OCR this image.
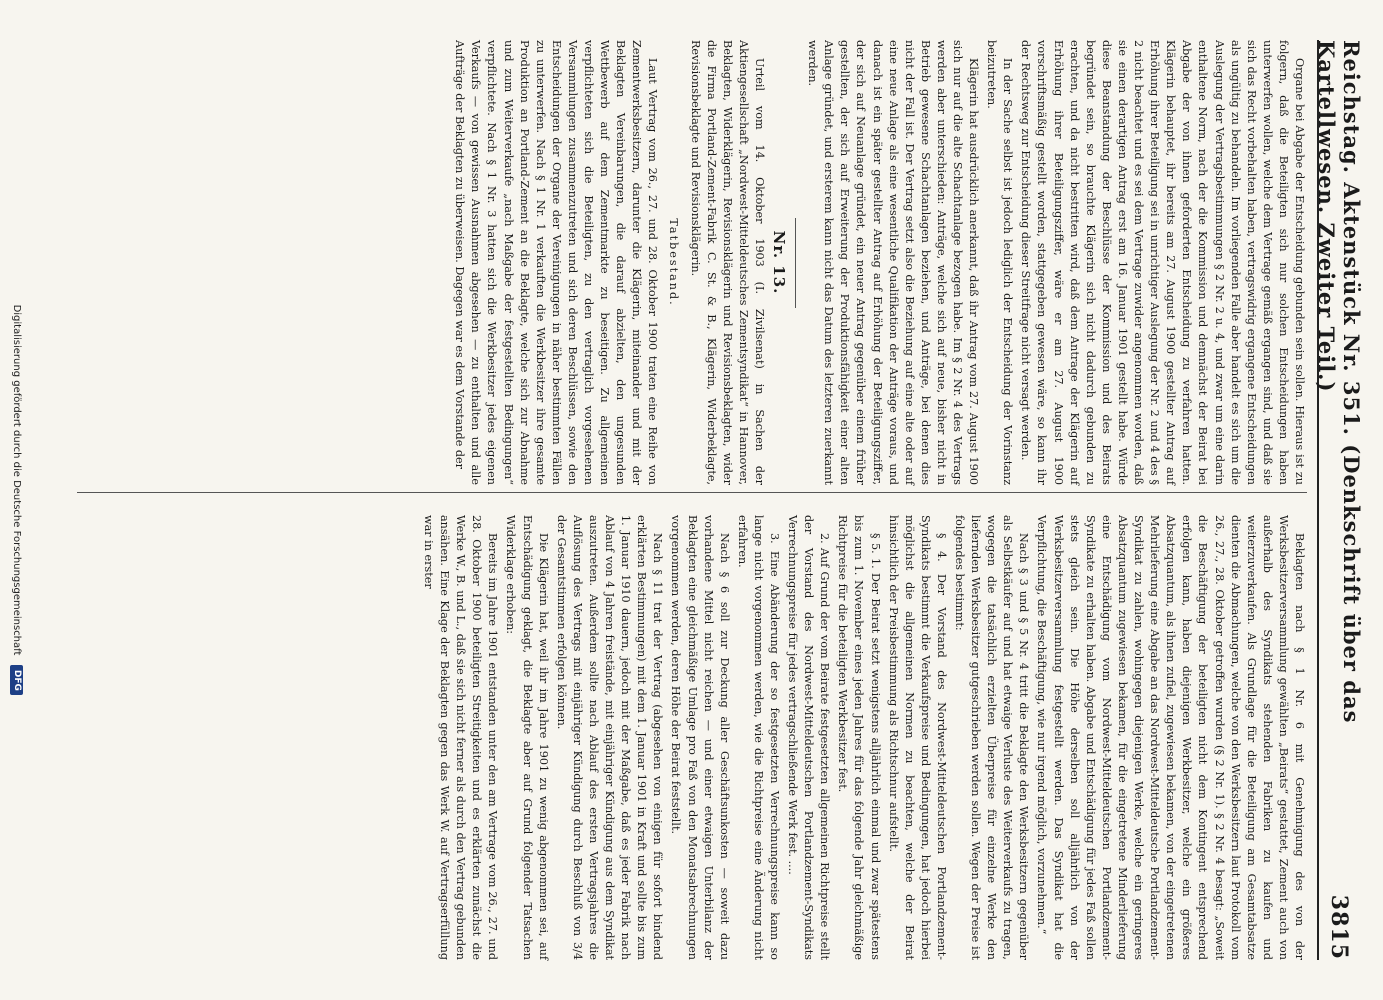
Reichstag. Aktenstück Nr. 351. (Denkschrift über das Kartellwesen. Zweiter Teil.)
3815

Organe bei Abgabe der Entscheidung gebunden sein sollen. Hieraus ist zu folgern, daß die Beteiligten sich nur solchen Entscheidungen haben unterwerfen wollen, welche dem Vertrage gemäß ergangen sind, und daß sie sich das Recht vorbehalten haben, vertragswidrig ergangene Entscheidungen als ungültig zu behandeln. Im vorliegenden Falle aber handelt es sich um die Auslegung der Vertragsbestimmungen § 2 Nr. 2 u. 4, und zwar um eine darin enthaltene Norm, nach der die Kommission und demnächst der Beirat bei Abgabe der von ihnen geforderten Entscheidung zu verfahren hatten. Klägerin behauptet, ihr bereits am 27. August 1900 gestellter Antrag auf Erhöhung ihrer Beteiligung sei in unrichtiger Auslegung der Nr. 2 und 4 des § 2 nicht beachtet und es sei dem Vertrage zuwider angenommen worden, daß sie einen derartigen Antrag erst am 16. Januar 1901 gestellt habe. Würde diese Beanstandung der Beschlüsse der Kommission und des Beirats begründet sein, so brauchte Klägerin sich nicht dadurch gebunden zu erachten, und da nicht bestritten wird, daß dem Antrage der Klägerin auf Erhöhung ihrer Beteiligungsziffer, wäre er am 27. August 1900 vorschriftsmäßig gestellt worden, stattgegeben gewesen wäre, so kann ihr der Rechtsweg zur Entscheidung dieser Streitfrage nicht versagt werden.

In der Sache selbst ist jedoch lediglich der Entscheidung der Vorinstanz beizutreten.

Klägerin hat ausdrücklich anerkannt, daß ihr Antrag vom 27. August 1900 sich nur auf die alte Schachtanlage bezogen habe. Im § 2 Nr. 4 des Vertrags werden aber unterschieden: Anträge, welche sich auf neue, bisher nicht in Betrieb gewesene Schachtanlagen beziehen, und Anträge, bei denen dies nicht der Fall ist. Der Vertrag setzt also die Beziehung auf eine alte oder auf eine neue Anlage als eine wesentliche Qualifikation der Anträge voraus, und danach ist ein später gestellter Antrag auf Erhöhung der Beteiligungsziffer, der sich auf Neuanlage gründet, ein neuer Antrag gegenüber einem früher gestellten, der sich auf Erweiterung der Produktionsfähigkeit einer alten Anlage gründet, und ersterem kann nicht das Datum des letzteren zuerkannt werden.

Nr. 13.

Urteil vom 14. Oktober 1903 (I. Zivilsenat) in Sachen der Aktiengesellschaft „Nordwest-Mitteldeutsches Zementsyndikat“ in Hannover, Beklagten, Widerklägerin, Revisionsklägerin und Revisionsbeklagten, wider die Firma Portland-Zement-Fabrik C. St. & B., Klägerin, Widerbeklagte, Revisionsbeklagte und Revisionsklägerin.

Tatbestand.

Laut Vertrag vom 26., 27. und 28. Oktober 1900 traten eine Reihe von Zementwerksbesitzern, darunter die Klägerin, miteinander und mit der Beklagten Vereinbarungen, die darauf abzielten, den ungesunden Wettbewerb auf dem Zementmarkte zu beseitigen. Zu allgemeinen verpflichteten sich die Beteiligten, zu den vertraglich vorgesehenen Versammlungen zusammenzutreten und sich deren Beschlüssen, sowie den Entscheidungen der Organe der Vereinigungen in näher bestimmten Fällen zu unterwerfen. Nach § 1 Nr. 1 verkauften die Werkbesitzer ihre gesamte Produktion an Portland-Zement an die Beklagte, welche sich zur Abnahme und zum Weiterverkaufe „nach Maßgabe der festgestellten Bedingungen“ verpflichtete. Nach § 1 Nr. 3 hatten sich die Werkbesitzer jedes eigenen Verkaufs — von gewissen Ausnahmen abgesehen — zu enthalten und alle Aufträge der Beklagten zu überweisen. Dagegen war es dem Vorstande der

Beklagten nach § 1 Nr. 6 mit Genehmigung des von der Werksbesitzerversammlung gewählten „Beirats“ gestattet, Zement auch von außerhalb des Syndikats stehenden Fabriken zu kaufen und weiterzuverkaufen. Als Grundlage für die Beteiligung am Gesamtabsatze dienten die Abmachungen, welche von den Werksbesitzern laut Protokoll vom 26., 27., 28. Oktober getroffen wurden (§ 2 Nr. 1). § 2 Nr. 4 besagt: „Soweit die Beschäftigung der beteiligten nicht dem Kontingent entsprechend erfolgen kann, haben diejenigen Werkbesitzer, welche ein größeres Absatzquantum, als ihnen zufiel, zugewiesen bekamen, von der eingetretenen Mehrlieferung eine Abgabe an das Nordwest-Mitteldeutsche Portlandzement-Syndikat zu zahlen, wohingegen diejenigen Werke, welche ein geringeres Absatzquantum zugewiesen bekamen, für die eingetretene Minderlieferung eine Entschädigung vom Nordwest-Mitteldeutschen Portlandzement-Syndikate zu erhalten haben. Abgabe und Entschädigung für jedes Faß sollen stets gleich sein. Die Höhe derselben soll alljährlich von der Werksbesitzerversammlung festgestellt werden. Das Syndikat hat die Verpflichtung, die Beschäftigung, wie nur irgend möglich, vorzunehmen.“

Nach § 3 und § 5 Nr. 4 tritt die Beklagte den Werksbesitzern gegenüber als Selbstkäufer auf und hat etwaige Verluste des Weiterverkaufs zu tragen, wogegen die tatsächlich erzielten Überpreise für einzelne Werke den liefernden Werksbesitzer gutgeschrieben werden sollen. Wegen der Preise ist folgendes bestimmt:

§ 4. Der Vorstand des Nordwest-Mitteldeutschen Portlandzement-Syndikats bestimmt die Verkaufspreise und Bedingungen, hat jedoch hierbei möglichst die allgemeinen Normen zu beachten, welche der Beirat hinsichtlich der Preisbestimmung als Richtschnur aufstellt.

§ 5. 1. Der Beirat setzt wenigstens alljährlich einmal und zwar spätestens bis zum 1. November eines jeden Jahres für das folgende Jahr gleichmäßige Richtpreise für die beteiligten Werkbesitzer fest.

2. Auf Grund der vom Beirate festgesetzten allgemeinen Richtpreise stellt der Vorstand des Nordwest-Mitteldeutschen Portlandzement-Syndikats Verrechnungspreise für jedes vertragschließende Werk fest. ....

3. Eine Abänderung der so festgesetzten Verrechnungspreise kann so lange nicht vorgenommen werden, wie die Richtpreise eine Änderung nicht erfahren.

Nach § 6 soll zur Deckung aller Geschäftsunkosten — soweit dazu vorhandene Mittel nicht reichen — und einer etwaigen Unterbilanz der Beklagten eine gleichmäßige Umlage pro Faß von den Monatsabrechnungen vorgenommen werden, deren Höhe der Beirat feststellt.

Nach § 11 trat der Vertrag (abgesehen von einigen für sofort bindend erklärten Bestimmungen) mit dem 1. Januar 1901 in Kraft und sollte bis zum 1. Januar 1910 dauern, jedoch mit der Maßgabe, daß es jeder Fabrik nach Ablauf von 4 Jahren freistände, mit einjähriger Kündigung aus dem Syndikat auszutreten. Außerdem sollte nach Ablauf des ersten Vertragsjahres die Auflösung des Vertrags mit einjähriger Kündigung durch Beschluß von 3/4 der Gesamtstimmen erfolgen können.

Die Klägerin hat, weil ihr im Jahre 1901 zu wenig abgenommen sei, auf Entschädigung geklagt, die Beklagte aber auf Grund folgender Tatsachen Widerklage erhoben:

Bereits im Jahre 1901 entstanden unter den am Vertrage vom 26., 27. und 28. Oktober 1900 beteiligten Streitigkeiten und es erklärten zunächst die Werke W., B. und L., daß sie sich nicht ferner als durch den Vertrag gebunden ansähen. Eine Klage der Beklagten gegen das Werk W. auf Vertragserfüllung war in erster

Digitalisierung gefördert durch die Deutsche Forschungsgemeinschaft
DFG
